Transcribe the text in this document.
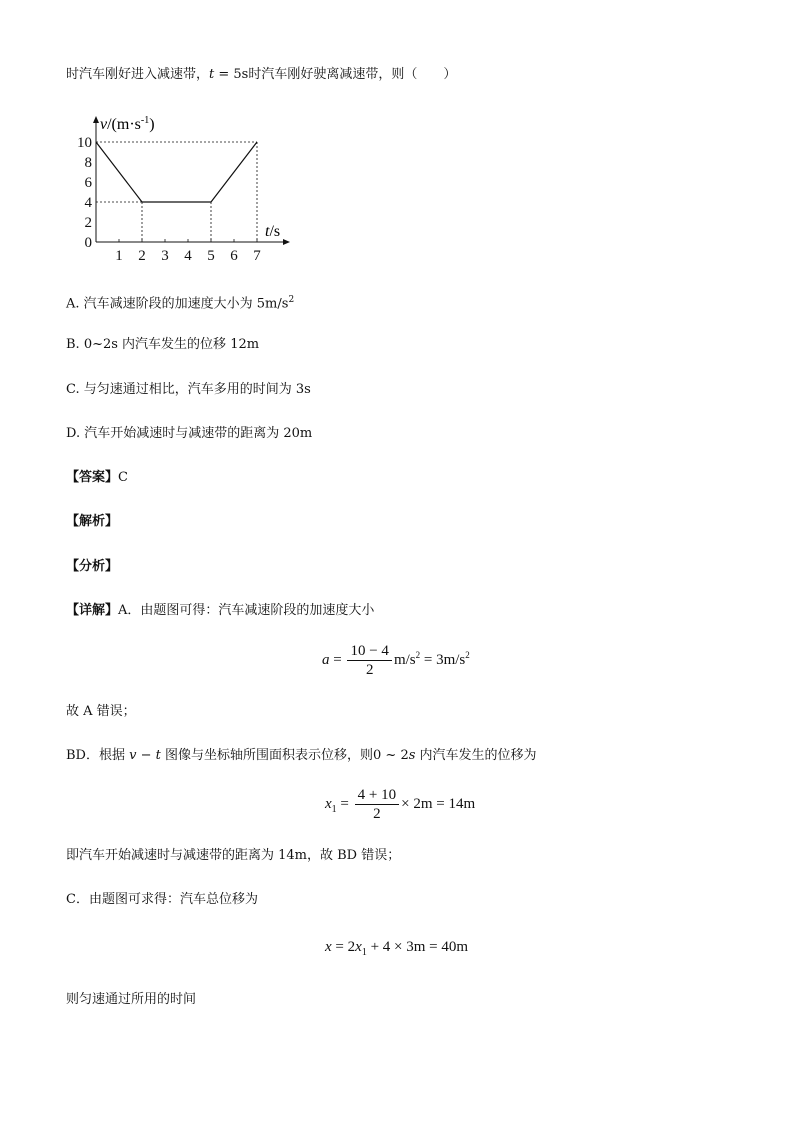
时汽车刚好进入减速带，t = 5s时汽车刚好驶离减速带，则（　　）
0
2
4
6
8
10
1 2 3 4 5 6 7
$v/(m\cdot s^{-1})$
t/s
A. 汽车减速阶段的加速度大小为 $5m/s^2$
B. 0~2s 内汽车发生的位移 12m
C. 与匀速通过相比，汽车多用的时间为 3s
D. 汽车开始减速时与减速带的距离为 20m
【答案】C
【解析】
【分析】
【详解】A．由题图可得：汽车减速阶段的加速度大小
$a = \frac{10 - 4}{2} m/s^2 = 3m/s^2$
故 A 错误；
BD．根据 v − t 图像与坐标轴所围面积表示位移，则0 ~ 2s 内汽车发生的位移为
$x_1 = \frac{4 + 10}{2} \times 2m = 14m$
即汽车开始减速时与减速带的距离为 14m，故 BD 错误；
C．由题图可求得：汽车总位移为
$x = 2x_1 + 4 \times 3m = 40m$
则匀速通过所用的时间
